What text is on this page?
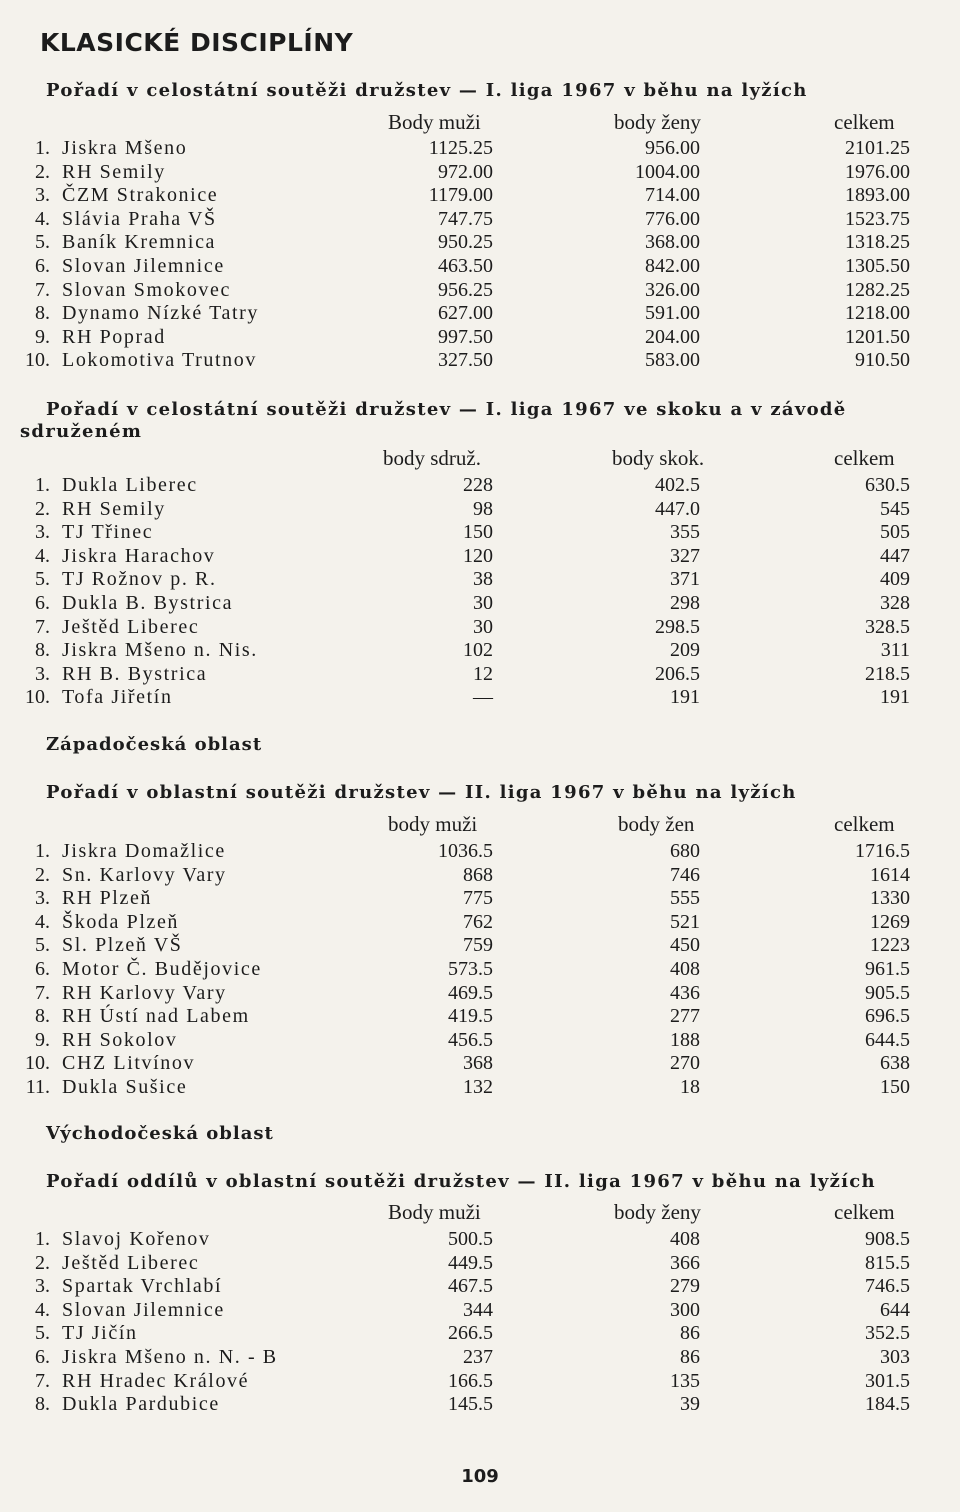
KLASICKÉ DISCIPLÍNY
Pořadí v celostátní soutěži družstev — I. liga 1967 v běhu na lyžích
Body muži	body ženy	celkem
1. Jiskra Mšeno	1125.25	956.00	2101.25
2. RH Semily	972.00	1004.00	1976.00
3. ČZM Strakonice	1179.00	714.00	1893.00
4. Slávia Praha VŠ	747.75	776.00	1523.75
5. Baník Kremnica	950.25	368.00	1318.25
6. Slovan Jilemnice	463.50	842.00	1305.50
7. Slovan Smokovec	956.25	326.00	1282.25
8. Dynamo Nízké Tatry	627.00	591.00	1218.00
9. RH Poprad	997.50	204.00	1201.50
10. Lokomotiva Trutnov	327.50	583.00	910.50
Pořadí v celostátní soutěži družstev — I. liga 1967 ve skoku a v závodě sdruženém
body sdruž.	body skok.	celkem
1. Dukla Liberec	228	402.5	630.5
2. RH Semily	98	447.0	545
3. TJ Třinec	150	355	505
4. Jiskra Harachov	120	327	447
5. TJ Rožnov p. R.	38	371	409
6. Dukla B. Bystrica	30	298	328
7. Ještěd Liberec	30	298.5	328.5
8. Jiskra Mšeno n. Nis.	102	209	311
3. RH B. Bystrica	12	206.5	218.5
10. Tofa Jiřetín	—	191	191
Západočeská oblast
Pořadí v oblastní soutěži družstev — II. liga 1967 v běhu na lyžích
body muži	body žen	celkem
1. Jiskra Domažlice	1036.5	680	1716.5
2. Sn. Karlovy Vary	868	746	1614
3. RH Plzeň	775	555	1330
4. Škoda Plzeň	762	521	1269
5. Sl. Plzeň VŠ	759	450	1223
6. Motor Č. Budějovice	573.5	408	961.5
7. RH Karlovy Vary	469.5	436	905.5
8. RH Ústí nad Labem	419.5	277	696.5
9. RH Sokolov	456.5	188	644.5
10. CHZ Litvínov	368	270	638
11. Dukla Sušice	132	18	150
Východočeská oblast
Pořadí oddílů v oblastní soutěži družstev — II. liga 1967 v běhu na lyžích
Body muži	body ženy	celkem
1. Slavoj Kořenov	500.5	408	908.5
2. Ještěd Liberec	449.5	366	815.5
3. Spartak Vrchlabí	467.5	279	746.5
4. Slovan Jilemnice	344	300	644
5. TJ Jičín	266.5	86	352.5
6. Jiskra Mšeno n. N. - B	237	86	303
7. RH Hradec Králové	166.5	135	301.5
8. Dukla Pardubice	145.5	39	184.5
109
